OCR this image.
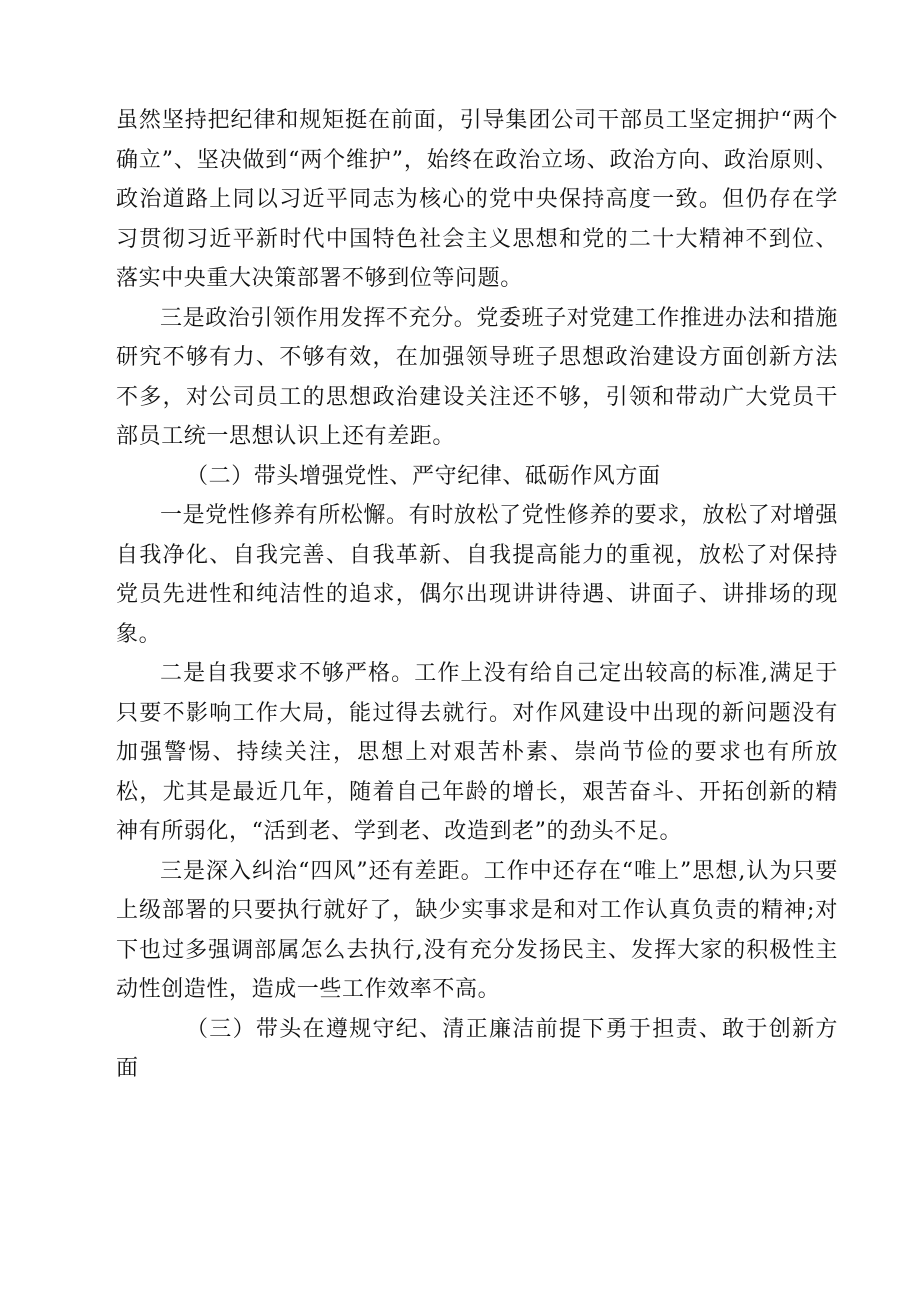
虽然坚持把纪律和规矩挺在前面，引导集团公司干部员工坚定拥护“两个确立”、坚决做到“两个维护”，始终在政治立场、政治方向、政治原则、政治道路上同以习近平同志为核心的党中央保持高度一致。但仍存在学习贯彻习近平新时代中国特色社会主义思想和党的二十大精神不到位、落实中央重大决策部署不够到位等问题。

三是政治引领作用发挥不充分。党委班子对党建工作推进办法和措施研究不够有力、不够有效，在加强领导班子思想政治建设方面创新方法不多，对公司员工的思想政治建设关注还不够，引领和带动广大党员干部员工统一思想认识上还有差距。

（二）带头增强党性、严守纪律、砥砺作风方面

一是党性修养有所松懈。有时放松了党性修养的要求，放松了对增强自我净化、自我完善、自我革新、自我提高能力的重视，放松了对保持党员先进性和纯洁性的追求，偶尔出现讲讲待遇、讲面子、讲排场的现象。

二是自我要求不够严格。工作上没有给自己定出较高的标准,满足于只要不影响工作大局，能过得去就行。对作风建设中出现的新问题没有加强警惕、持续关注，思想上对艰苦朴素、崇尚节俭的要求也有所放松，尤其是最近几年，随着自己年龄的增长，艰苦奋斗、开拓创新的精神有所弱化，“活到老、学到老、改造到老”的劲头不足。

三是深入纠治“四风”还有差距。工作中还存在“唯上”思想,认为只要上级部署的只要执行就好了，缺少实事求是和对工作认真负责的精神;对下也过多强调部属怎么去执行,没有充分发扬民主、发挥大家的积极性主动性创造性，造成一些工作效率不高。

（三）带头在遵规守纪、清正廉洁前提下勇于担责、敢于创新方面
